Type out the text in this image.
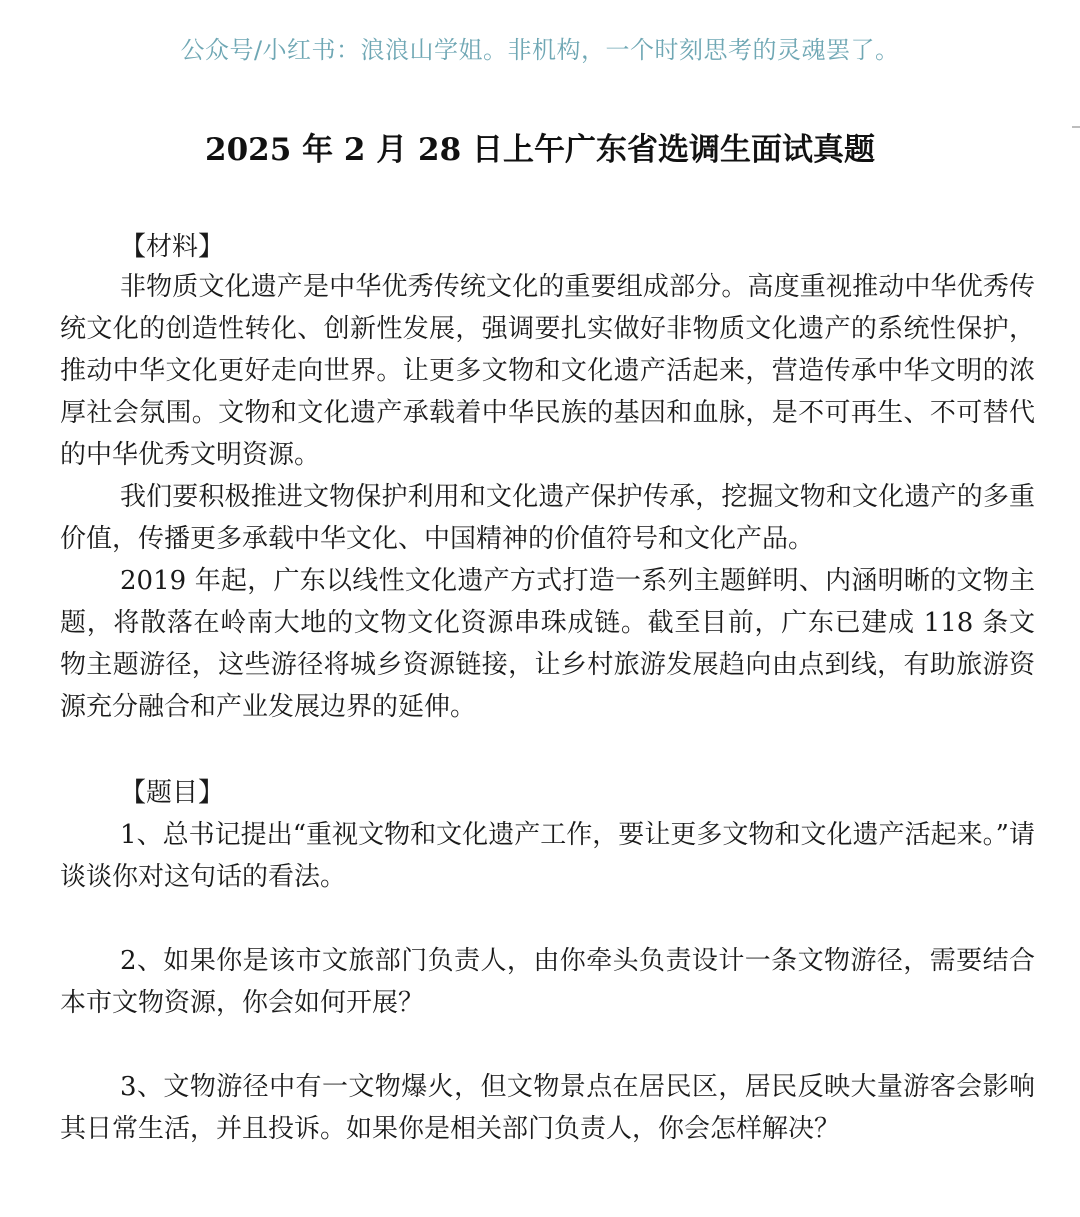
公众号/小红书：浪浪山学姐。非机构，一个时刻思考的灵魂罢了。
2025 年 2 月 28 日上午广东省选调生面试真题
【材料】
非物质文化遗产是中华优秀传统文化的重要组成部分。高度重视推动中华优秀传统文化的创造性转化、创新性发展，强调要扎实做好非物质文化遗产的系统性保护，推动中华文化更好走向世界。让更多文物和文化遗产活起来，营造传承中华文明的浓厚社会氛围。文物和文化遗产承载着中华民族的基因和血脉，是不可再生、不可替代的中华优秀文明资源。
我们要积极推进文物保护利用和文化遗产保护传承，挖掘文物和文化遗产的多重价值，传播更多承载中华文化、中国精神的价值符号和文化产品。
2019 年起，广东以线性文化遗产方式打造一系列主题鲜明、内涵明晰的文物主题，将散落在岭南大地的文物文化资源串珠成链。截至目前，广东已建成 118 条文物主题游径，这些游径将城乡资源链接，让乡村旅游发展趋向由点到线，有助旅游资源充分融合和产业发展边界的延伸。
【题目】
1、总书记提出“重视文物和文化遗产工作，要让更多文物和文化遗产活起来。”请谈谈你对这句话的看法。
2、如果你是该市文旅部门负责人，由你牵头负责设计一条文物游径，需要结合本市文物资源，你会如何开展？
3、文物游径中有一文物爆火，但文物景点在居民区，居民反映大量游客会影响其日常生活，并且投诉。如果你是相关部门负责人，你会怎样解决？
